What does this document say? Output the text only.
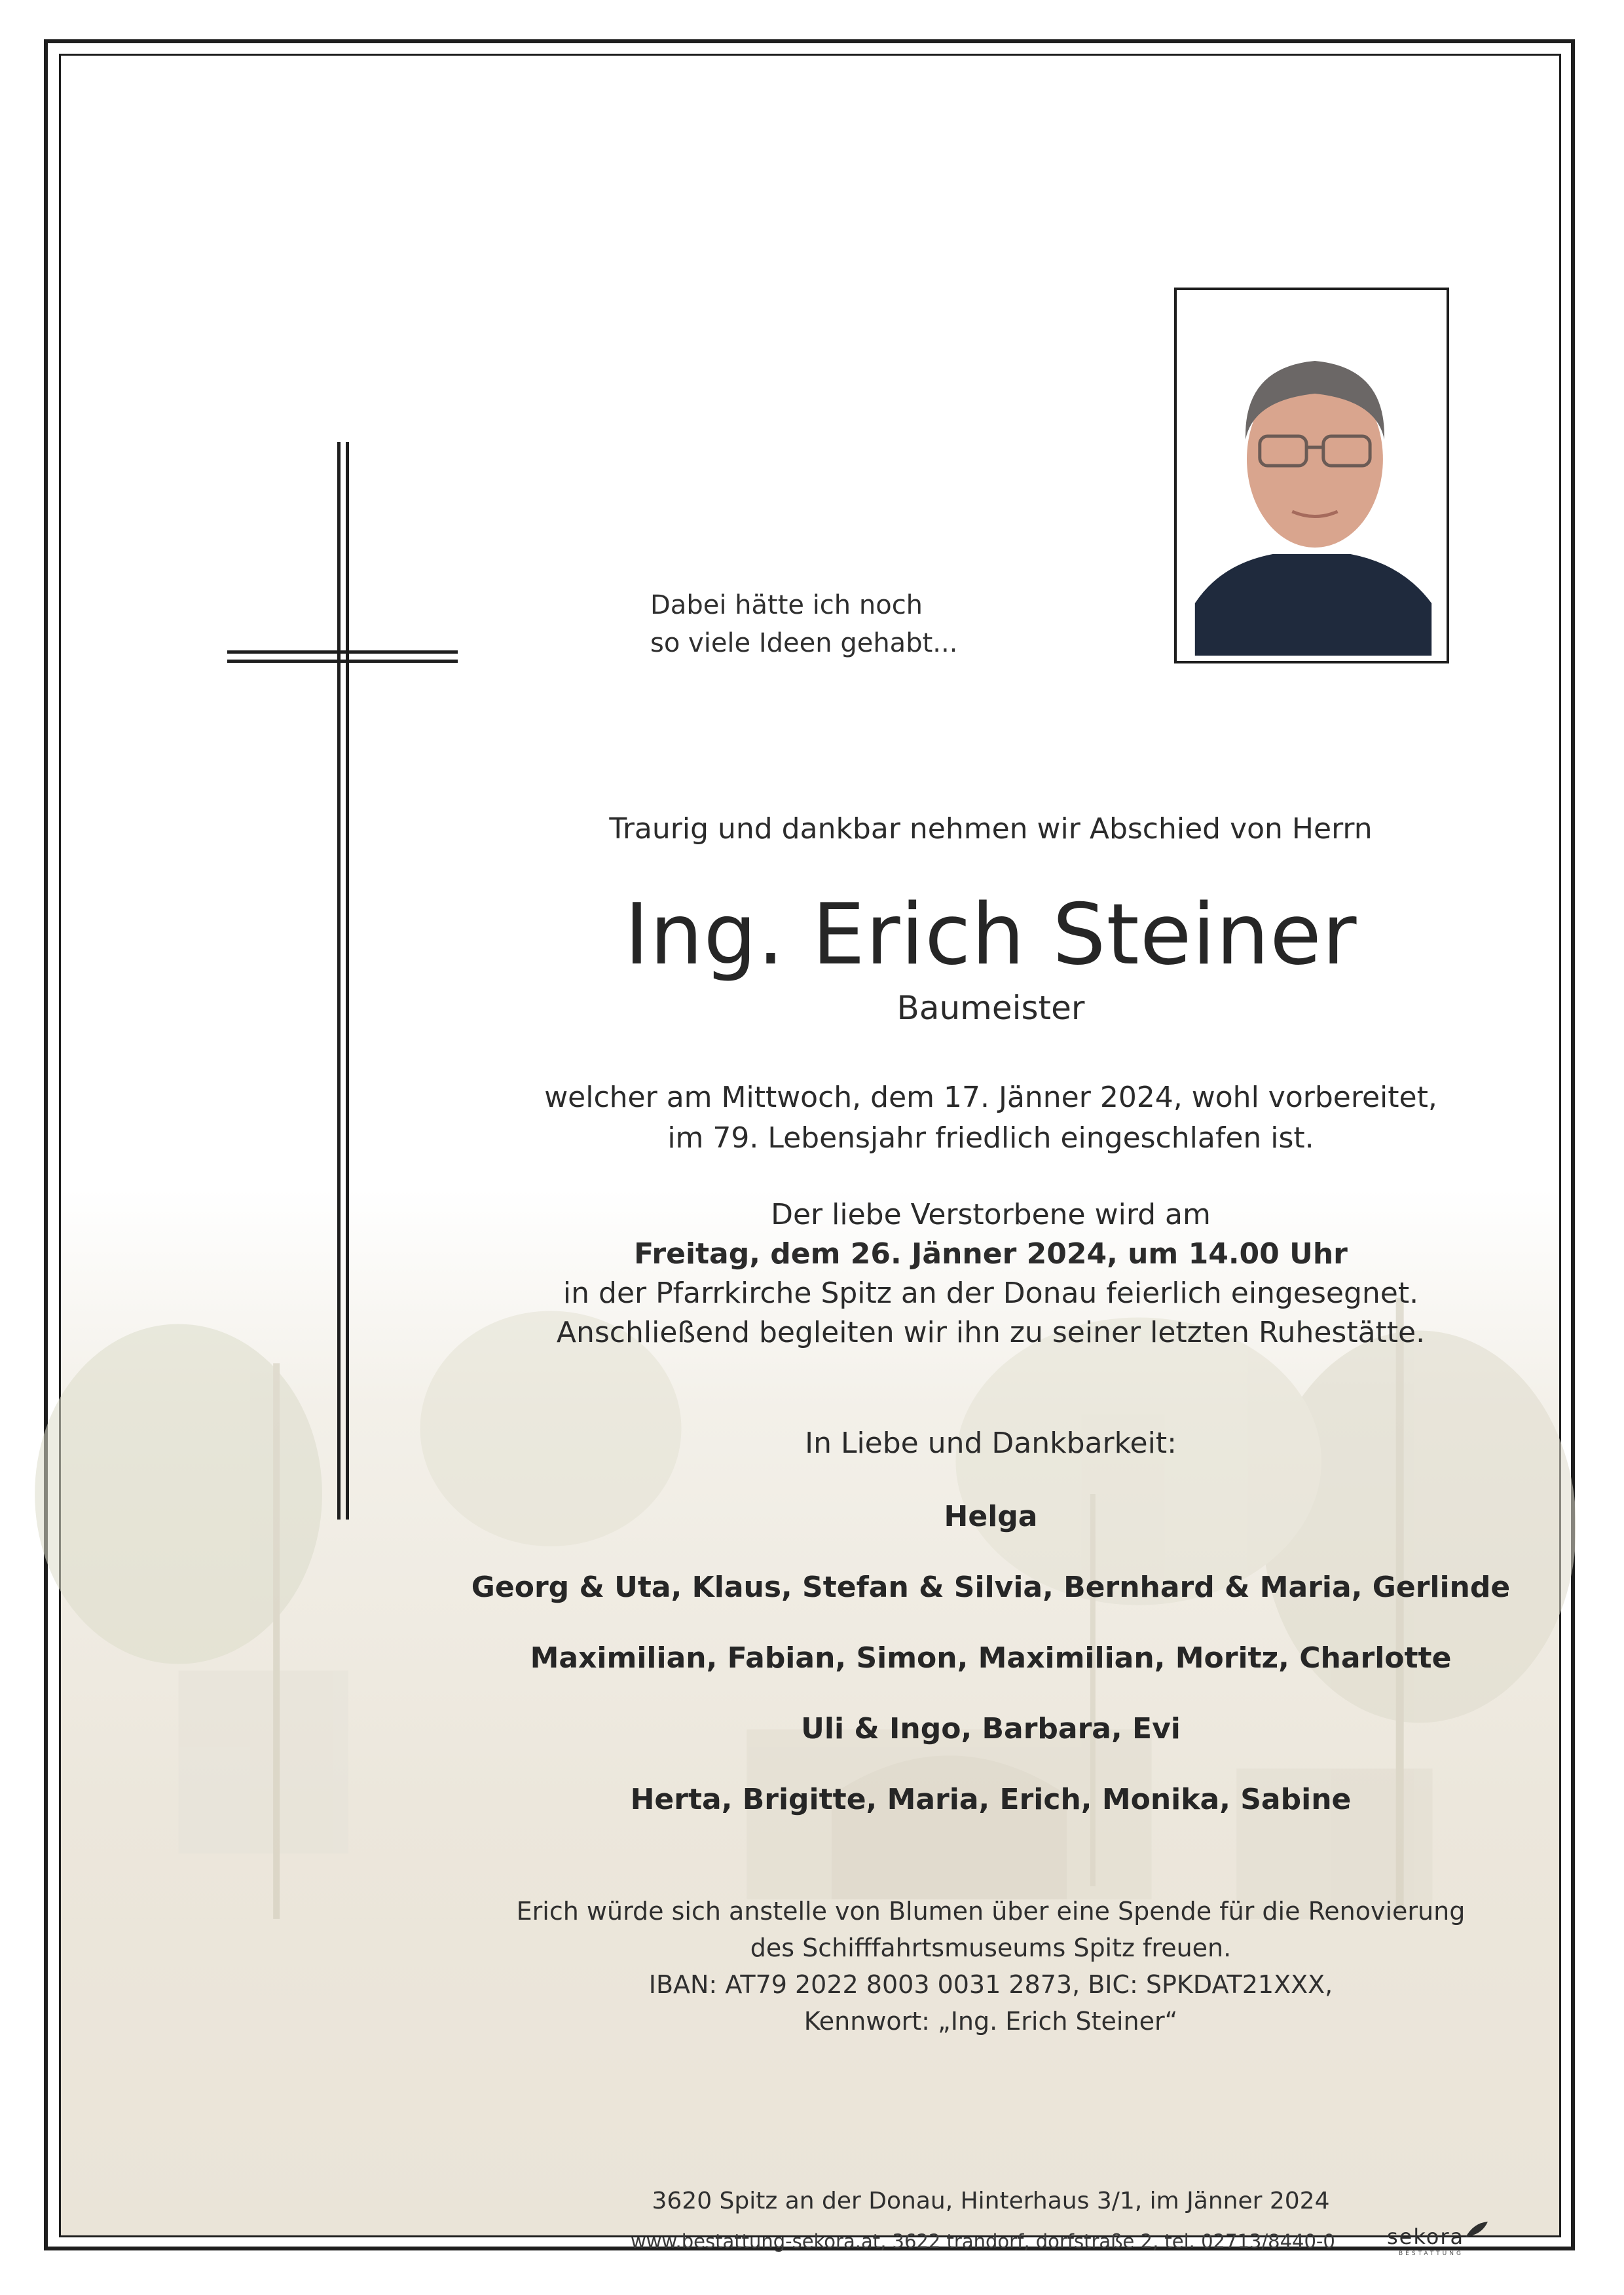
Dabei hätte ich noch
so viele Ideen gehabt...
Traurig und dankbar nehmen wir Abschied von Herrn
Ing. Erich Steiner
Baumeister
welcher am Mittwoch, dem 17. Jänner 2024, wohl vorbereitet,
im 79. Lebensjahr friedlich eingeschlafen ist.
Der liebe Verstorbene wird am
Freitag, dem 26. Jänner 2024, um 14.00 Uhr
in der Pfarrkirche Spitz an der Donau feierlich eingesegnet.
Anschließend begleiten wir ihn zu seiner letzten Ruhestätte.
In Liebe und Dankbarkeit:
Helga
Georg & Uta, Klaus, Stefan & Silvia, Bernhard & Maria, Gerlinde
Maximilian, Fabian, Simon, Maximilian, Moritz, Charlotte
Uli & Ingo, Barbara, Evi
Herta, Brigitte, Maria, Erich, Monika, Sabine
Erich würde sich anstelle von Blumen über eine Spende für die Renovierung
des Schifffahrtsmuseums Spitz freuen.
IBAN: AT79 2022 8003 0031 2873, BIC: SPKDAT21XXX,
Kennwort: „Ing. Erich Steiner“
3620 Spitz an der Donau, Hinterhaus 3/1, im Jänner 2024
www.bestattung-sekora.at, 3622 trandorf, dorfstraße 2, tel. 02713/8440-0 sekora
BESTATTUNG
